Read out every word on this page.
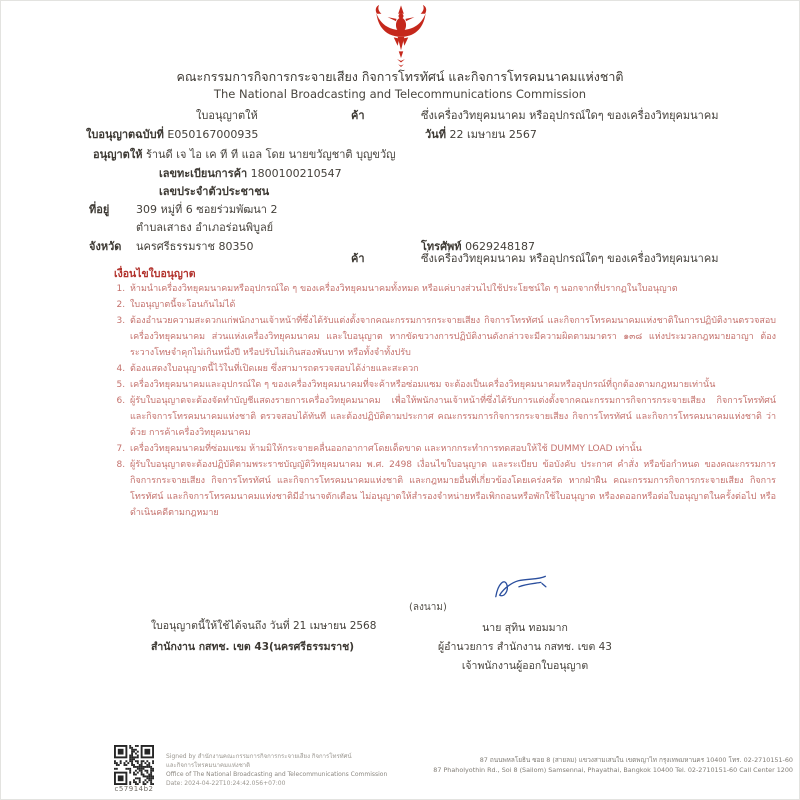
คณะกรรมการกิจการกระจายเสียง กิจการโทรทัศน์ และกิจการโทรคมนาคมแห่งชาติ
The National Broadcasting and Telecommunications Commission
ใบอนุญาตให้	ค้า	ซึ่งเครื่องวิทยุคมนาคม หรืออุปกรณ์ใดๆ ของเครื่องวิทยุคมนาคม
ใบอนุญาตฉบับที่ E050167000935	วันที่ 22 เมษายน 2567
อนุญาตให้ ร้านดี เจ ไอ เค ที ที แอล โดย นายขวัญชาติ บุญขวัญ
เลขทะเบียนการค้า 1800100210547
เลขประจำตัวประชาชน
ที่อยู่ 309 หมู่ที่ 6 ซอยร่วมพัฒนา 2
ตำบลเสาธง อำเภอร่อนพิบูลย์
จังหวัด นครศรีธรรมราช 80350	โทรศัพท์ 0629248187
ค้า	ซึ่งเครื่องวิทยุคมนาคม หรืออุปกรณ์ใดๆ ของเครื่องวิทยุคมนาคม
เงื่อนไขใบอนุญาต
1. ห้ามนำเครื่องวิทยุคมนาคมหรืออุปกรณ์ใด ๆ ของเครื่องวิทยุคมนาคมทั้งหมด หรือแค่บางส่วนไปใช้ประโยชน์ใด ๆ นอกจากที่ปรากฏในใบอนุญาต
2. ใบอนุญาตนี้จะโอนกันไม่ได้
3. ต้องอำนวยความสะดวกแก่พนักงานเจ้าหน้าที่ซึ่งได้รับแต่งตั้งจากคณะกรรมการกระจายเสียง กิจการโทรทัศน์ และกิจการโทรคมนาคมแห่งชาติในการปฏิบัติงานตรวจสอบเครื่องวิทยุคมนาคม ส่วนแห่งเครื่องวิทยุคมนาคม และใบอนุญาต หากขัดขวางการปฏิบัติงานดังกล่าวจะมีความผิดตามมาตรา ๑๓๘ แห่งประมวลกฎหมายอาญา ต้องระวางโทษจำคุกไม่เกินหนึ่งปี หรือปรับไม่เกินสองพันบาท หรือทั้งจำทั้งปรับ
4. ต้องแสดงใบอนุญาตนี้ไว้ในที่เปิดเผย ซึ่งสามารถตรวจสอบได้ง่ายและสะดวก
5. เครื่องวิทยุคมนาคมและอุปกรณ์ใด ๆ ของเครื่องวิทยุคมนาคมที่จะค้าหรือซ่อมแซม จะต้องเป็นเครื่องวิทยุคมนาคมหรืออุปกรณ์ที่ถูกต้องตามกฎหมายเท่านั้น
6. ผู้รับใบอนุญาตจะต้องจัดทำบัญชีแสดงรายการเครื่องวิทยุคมนาคม เพื่อให้พนักงานเจ้าหน้าที่ซึ่งได้รับการแต่งตั้งจากคณะกรรมการกิจการกระจายเสียง กิจการโทรทัศน์ และกิจการโทรคมนาคมแห่งชาติ ตรวจสอบได้ทันที และต้องปฏิบัติตามประกาศ คณะกรรมการกิจการกระจายเสียง กิจการโทรทัศน์ และกิจการโทรคมนาคมแห่งชาติ ว่าด้วย การค้าเครื่องวิทยุคมนาคม
7. เครื่องวิทยุคมนาคมที่ซ่อมแซม ห้ามมิให้กระจายคลื่นออกอากาศโดยเด็ดขาด และหากกระทำการทดสอบให้ใช้ DUMMY LOAD เท่านั้น
8. ผู้รับใบอนุญาตจะต้องปฏิบัติตามพระราชบัญญัติวิทยุคมนาคม พ.ศ. 2498 เงื่อนไขใบอนุญาต และระเบียบ ข้อบังคับ ประกาศ คำสั่ง หรือข้อกำหนด ของคณะกรรมการกิจการกระจายเสียง กิจการโทรทัศน์ และกิจการโทรคมนาคมแห่งชาติ และกฎหมายอื่นที่เกี่ยวข้องโดยเคร่งครัด หากฝ่าฝืน คณะกรรมการกิจการกระจายเสียง กิจการโทรทัศน์ และกิจการโทรคมนาคมแห่งชาติมีอำนาจตักเตือน ไม่อนุญาตให้สำรองจำหน่ายหรือเพิกถอนหรือพักใช้ใบอนุญาต หรืองดออกหรือต่อใบอนุญาตในครั้งต่อไป หรือดำเนินคดีตามกฎหมาย
(ลงนาม)
นาย สุทิน ทอมมาก
ผู้อำนวยการ สำนักงาน กสทช. เขต 43
เจ้าพนักงานผู้ออกใบอนุญาต
ใบอนุญาตนี้ให้ใช้ได้จนถึง วันที่ 21 เมษายน 2568
สำนักงาน กสทช. เขต 43(นครศรีธรรมราช)
c57914b2
Signed by สำนักงานคณะกรรมการกิจการกระจายเสียง กิจการโทรทัศน์
และกิจการโทรคมนาคมแห่งชาติ
Office of The National Broadcasting and Telecommunications Commission
Date: 2024-04-22T10:24:42.056+07:00
87 ถนนพหลโยธิน ซอย 8 (สายลม) แขวงสามเสนใน เขตพญาไท กรุงเทพมหานคร 10400 โทร. 02-2710151-60
87 Phaholyothin Rd., Soi 8 (Sailom) Samsennai, Phayathai, Bangkok 10400 Tel. 02-2710151-60 Call Center 1200
